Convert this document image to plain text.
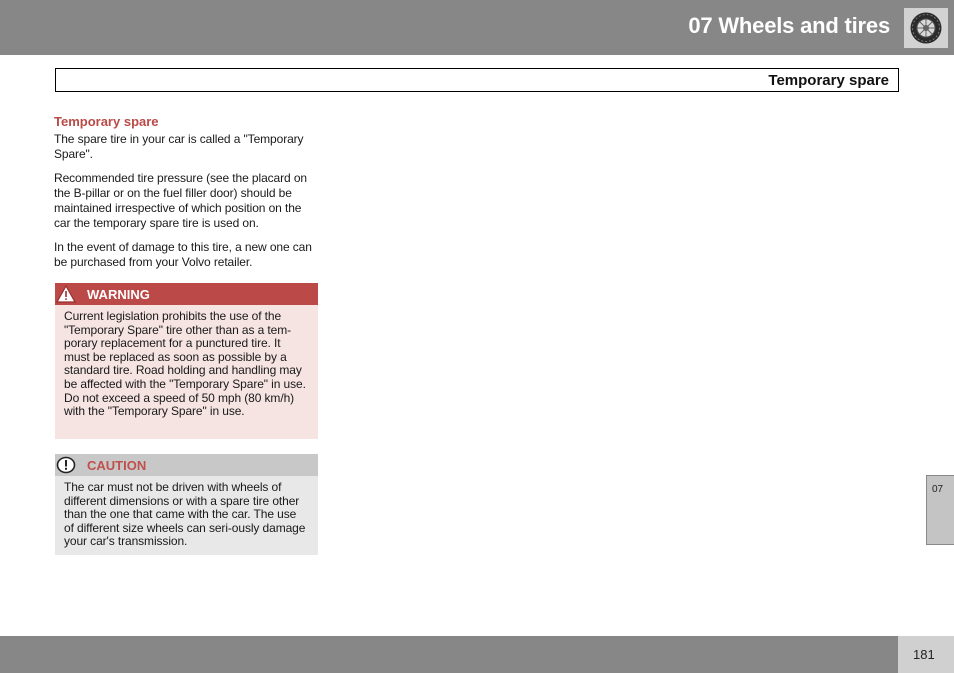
07 Wheels and tires
Temporary spare

Temporary spare

The spare tire in your car is called a "Temporary Spare".

Recommended tire pressure (see the placard on the B-pillar or on the fuel filler door) should be maintained irrespective of which position on the car the temporary spare tire is used on.

In the event of damage to this tire, a new one can be purchased from your Volvo retailer.

WARNING
Current legislation prohibits the use of the "Temporary Spare" tire other than as a tem-porary replacement for a punctured tire. It must be replaced as soon as possible by a standard tire. Road holding and handling may be affected with the "Temporary Spare" in use. Do not exceed a speed of 50 mph (80 km/h) with the "Temporary Spare" in use.
CAUTION
The car must not be driven with wheels of different dimensions or with a spare tire other than the one that came with the car. The use of different size wheels can seri-ously damage your car's transmission.
07
181
